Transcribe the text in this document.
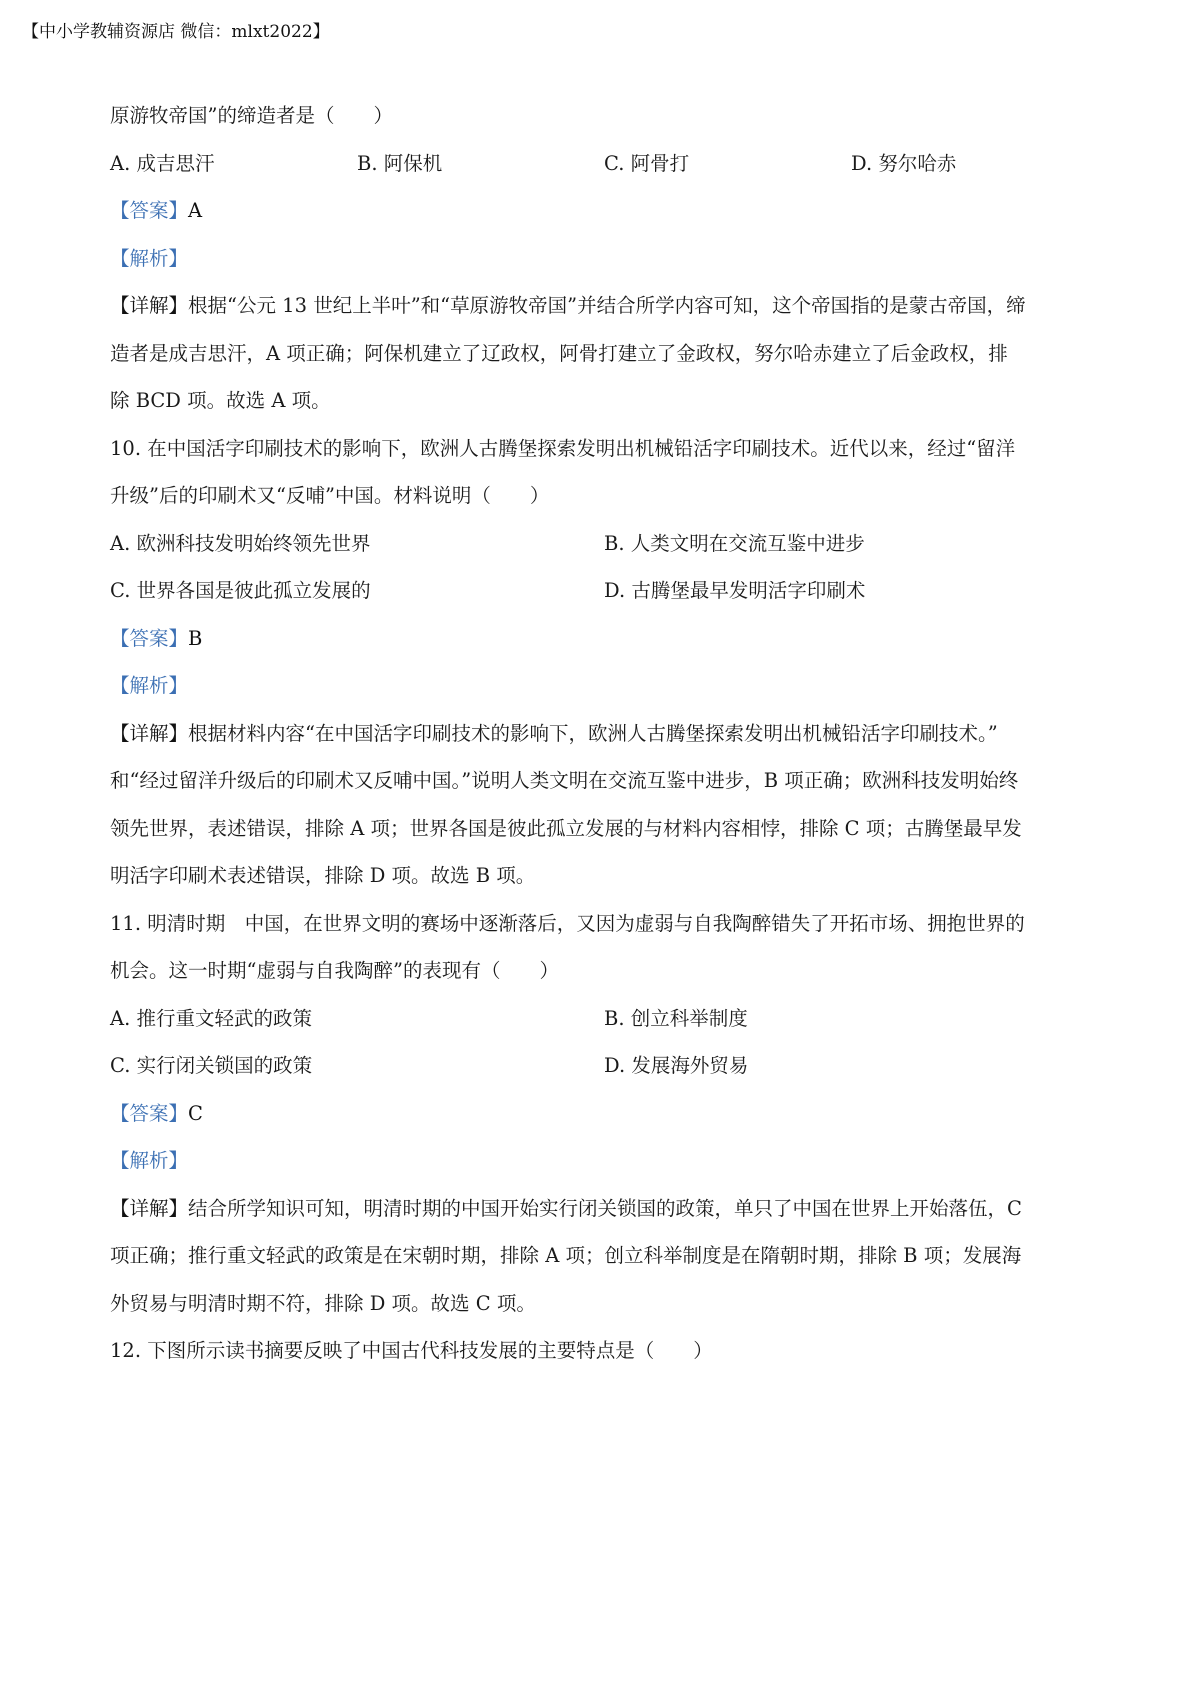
【中小学教辅资源店 微信：mlxt2022】
原游牧帝国”的缔造者是（　　）
A. 成吉思汗	B. 阿保机	C. 阿骨打	D. 努尔哈赤
【答案】A
【解析】
【详解】根据“公元 13 世纪上半叶”和“草原游牧帝国”并结合所学内容可知，这个帝国指的是蒙古帝国，缔
造者是成吉思汗，A 项正确；阿保机建立了辽政权，阿骨打建立了金政权，努尔哈赤建立了后金政权，排
除 BCD 项。故选 A 项。
10. 在中国活字印刷技术的影响下，欧洲人古腾堡探索发明出机械铅活字印刷技术。近代以来，经过“留洋
升级”后的印刷术又“反哺”中国。材料说明（　　）
A. 欧洲科技发明始终领先世界	B. 人类文明在交流互鉴中进步
C. 世界各国是彼此孤立发展的	D. 古腾堡最早发明活字印刷术
【答案】B
【解析】
【详解】根据材料内容“在中国活字印刷技术的影响下，欧洲人古腾堡探索发明出机械铅活字印刷技术。”
和“经过留洋升级后的印刷术又反哺中国。”说明人类文明在交流互鉴中进步，B 项正确；欧洲科技发明始终
领先世界，表述错误，排除 A 项；世界各国是彼此孤立发展的与材料内容相悖，排除 C 项；古腾堡最早发
明活字印刷术表述错误，排除 D 项。故选 B 项。
11. 明清时期　中国，在世界文明的赛场中逐渐落后，又因为虚弱与自我陶醉错失了开拓市场、拥抱世界的
机会。这一时期“虚弱与自我陶醉”的表现有（　　）
A. 推行重文轻武的政策	B. 创立科举制度
C. 实行闭关锁国的政策	D. 发展海外贸易
【答案】C
【解析】
【详解】结合所学知识可知，明清时期的中国开始实行闭关锁国的政策，单只了中国在世界上开始落伍，C
项正确；推行重文轻武的政策是在宋朝时期，排除 A 项；创立科举制度是在隋朝时期，排除 B 项；发展海
外贸易与明清时期不符，排除 D 项。故选 C 项。
12. 下图所示读书摘要反映了中国古代科技发展的主要特点是（　　）
